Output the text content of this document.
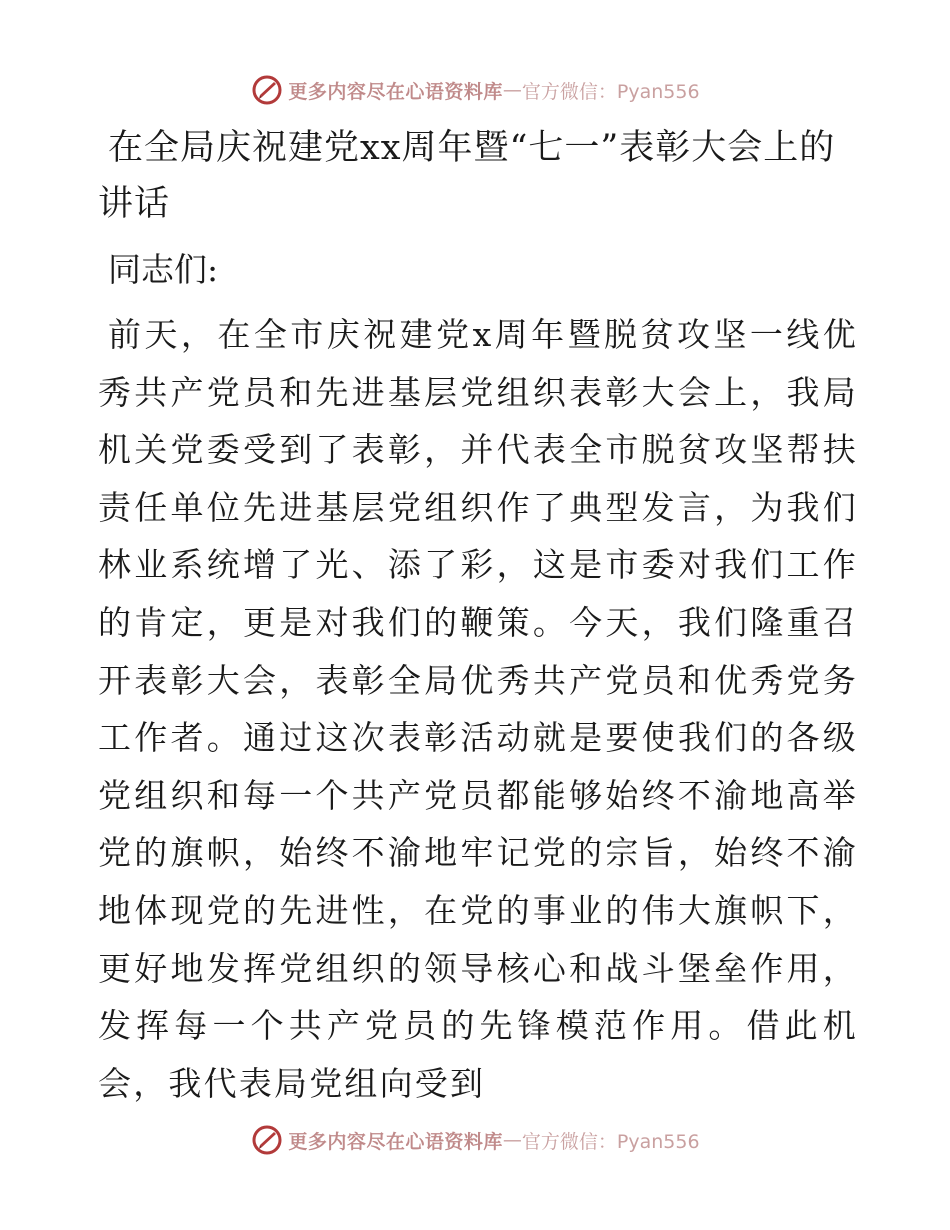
更多内容尽在心语资料库 — 官方微信：Pyan556
在全局庆祝建党xx周年暨“七一”表彰大会上的讲话

同志们:

前天，在全市庆祝建党x周年暨脱贫攻坚一线优秀共产党员和先进基层党组织表彰大会上，我局机关党委受到了表彰，并代表全市脱贫攻坚帮扶责任单位先进基层党组织作了典型发言，为我们林业系统增了光、添了彩，这是市委对我们工作的肯定，更是对我们的鞭策。今天，我们隆重召开表彰大会，表彰全局优秀共产党员和优秀党务工作者。通过这次表彰活动就是要使我们的各级党组织和每一个共产党员都能够始终不渝地高举党的旗帜，始终不渝地牢记党的宗旨，始终不渝地体现党的先进性，在党的事业的伟大旗帜下，更好地发挥党组织的领导核心和战斗堡垒作用，发挥每一个共产党员的先锋模范作用。借此机会，我代表局党组向受到

更多内容尽在心语资料库 — 官方微信：Pyan556
